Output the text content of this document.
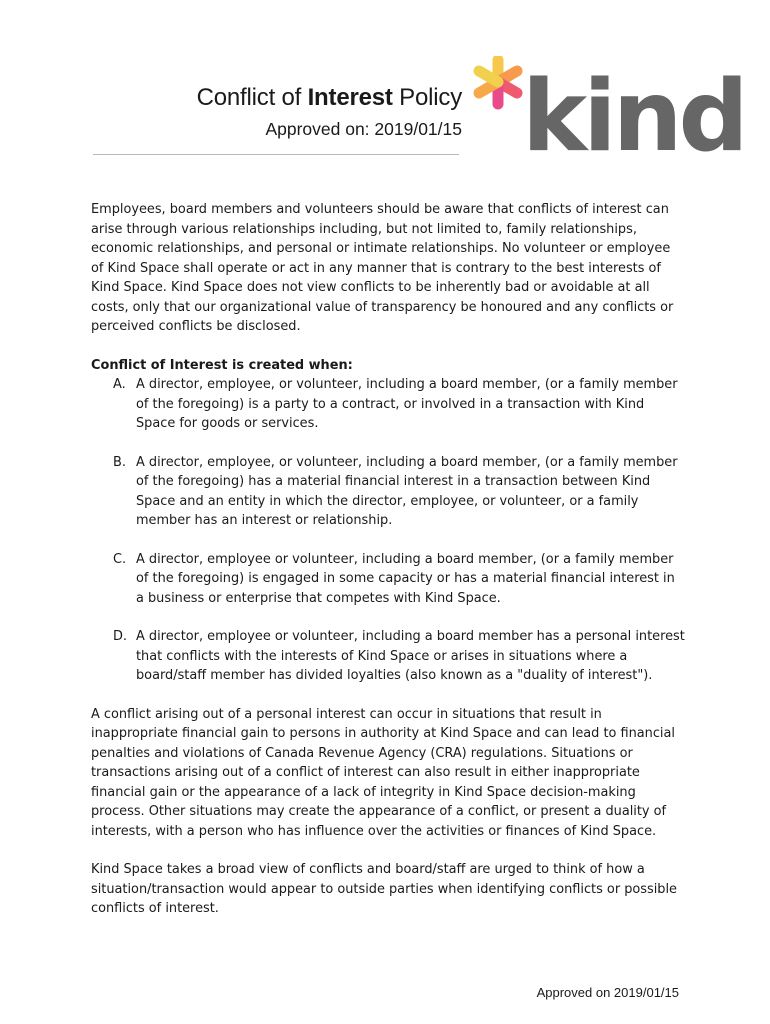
Conflict of Interest Policy
Approved on: 2019/01/15 kind

Employees, board members and volunteers should be aware that conflicts of interest can arise through various relationships including, but not limited to, family relationships, economic relationships, and personal or intimate relationships. No volunteer or employee of Kind Space shall operate or act in any manner that is contrary to the best interests of Kind Space. Kind Space does not view conflicts to be inherently bad or avoidable at all costs, only that our organizational value of transparency be honoured and any conflicts or perceived conflicts be disclosed.

Conflict of Interest is created when:

A. A director, employee, or volunteer, including a board member, (or a family member of the foregoing) is a party to a contract, or involved in a transaction with Kind Space for goods or services.
B. A director, employee, or volunteer, including a board member, (or a family member of the foregoing) has a material financial interest in a transaction between Kind Space and an entity in which the director, employee, or volunteer, or a family member has an interest or relationship.
C. A director, employee or volunteer, including a board member, (or a family member of the foregoing) is engaged in some capacity or has a material financial interest in a business or enterprise that competes with Kind Space.
D. A director, employee or volunteer, including a board member has a personal interest that conflicts with the interests of Kind Space or arises in situations where a board/staff member has divided loyalties (also known as a "duality of interest").

A conflict arising out of a personal interest can occur in situations that result in inappropriate financial gain to persons in authority at Kind Space and can lead to financial penalties and violations of Canada Revenue Agency (CRA) regulations. Situations or transactions arising out of a conflict of interest can also result in either inappropriate financial gain or the appearance of a lack of integrity in Kind Space decision-making process. Other situations may create the appearance of a conflict, or present a duality of interests, with a person who has influence over the activities or finances of Kind Space.

Kind Space takes a broad view of conflicts and board/staff are urged to think of how a situation/transaction would appear to outside parties when identifying conflicts or possible conflicts of interest.

Approved on 2019/01/15
